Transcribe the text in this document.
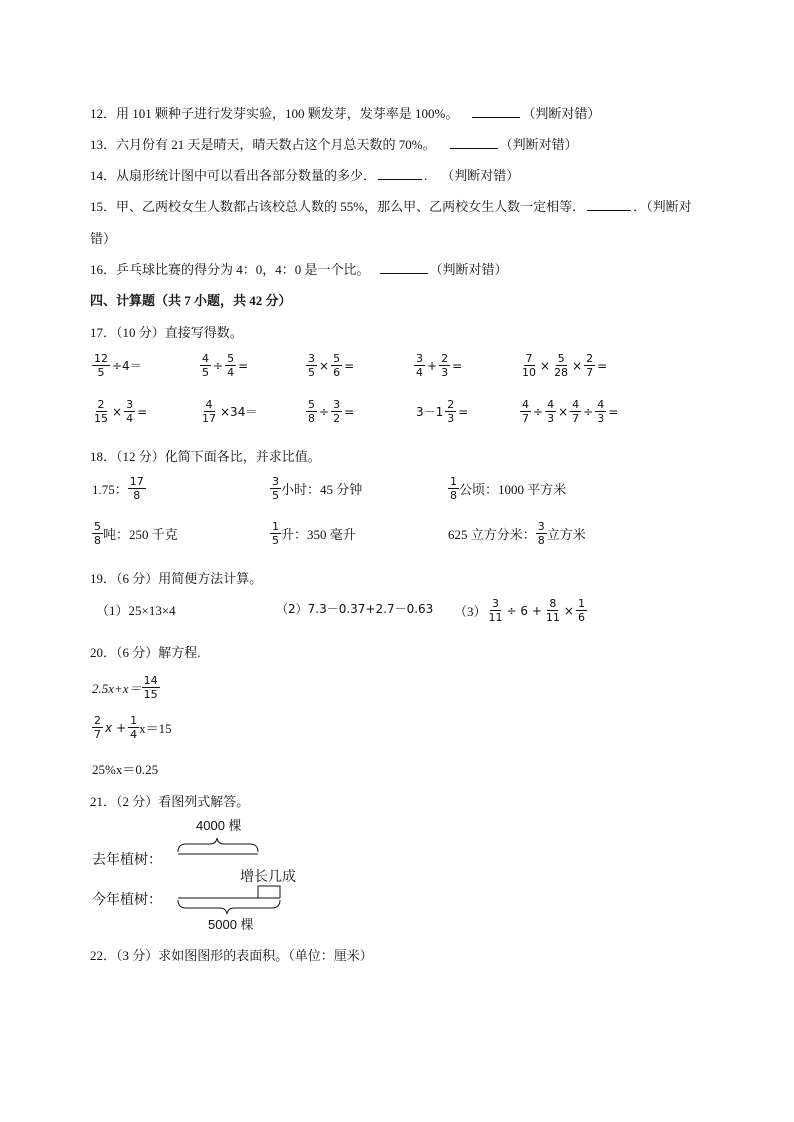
12．用 101 颗种子进行发芽实验，100 颗发芽，发芽率是 100%。	（判断对错）
13．六月份有 21 天是晴天，晴天数占这个月总天数的 70%。	（判断对错）
14．从扇形统计图中可以看出各部分数量的多少．	. （判断对错）
15．甲、乙两校女生人数都占该校总人数的 55%，那么甲、乙两校女生人数一定相等．	．（判断对
错）
16．乒乓球比赛的得分为 4：0，4：0 是一个比。	（判断对错）
四、计算题（共 7 小题，共 42 分）
17．（10 分）直接写得数。
$\frac{12}{5} \div 4=$	$\frac{4}{5} \div \frac{5}{4}$ =	$\frac{3}{5} \times \frac{5}{6}$ =	$\frac{3}{4} + \frac{2}{3}$ =	$\frac{7}{10} \times \frac{5}{28} \times \frac{2}{7}$ =
$\frac{2}{15} \times \frac{3}{4}$ =	$\frac{4}{17} \times 34=$	$\frac{5}{8} \div \frac{3}{2}$ =	$3-1 \frac{2}{3}$ =	$\frac{4}{7} \div \frac{4}{3} \times \frac{4}{7} \div \frac{4}{3}$ =
18．（12 分）化简下面各比，并求比值。
1.75： $\frac{17}{8}$	$\frac{3}{5}$ 小时：45 分钟	$\frac{1}{8}$ 公顷：1000 平方米
$\frac{5}{8}$ 吨：250 千克	$\frac{1}{5}$ 升：350 毫升	625 立方分米： $\frac{3}{8}$ 立方米
19．（6 分）用简便方法计算。
（1）25×13×4	（2）7.3－0.37+2.7－0.63 $(3) \frac{3}{11} \div 6 + \frac{8}{11} \times \frac{1}{6}$
20．（6 分）解方程.
$2.5x+x= \frac{14}{15}$
$\frac{2}{7}$ $x + \frac{1}{4} x=15$
25%x＝0.25
21．（2 分）看图列式解答。
4000 棵
去年植树：
增长几成
今年植树：
5000 棵
22．（3 分）求如图图形的表面积。（单位：厘米）
